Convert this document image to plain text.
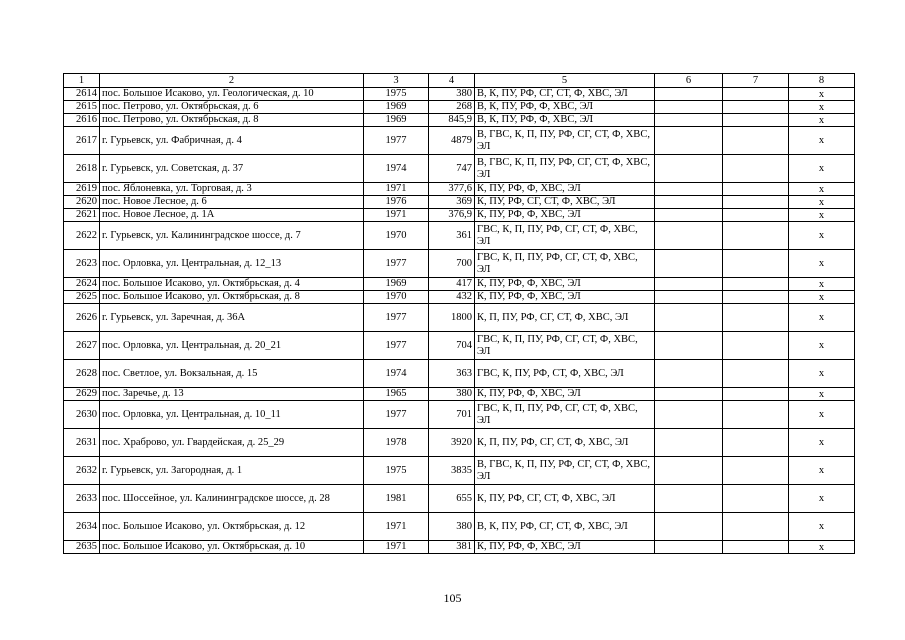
1	2	3	4	5	6	7	8
2614	пос. Большое Исаково, ул. Геологическая, д. 10	1975	380	В, К, ПУ, РФ, СГ, СТ, Ф, ХВС, ЭЛ			x
2615	пос. Петрово, ул. Октябрьская, д. 6	1969	268	В, К, ПУ, РФ, Ф, ХВС, ЭЛ			x
2616	пос. Петрово, ул. Октябрьская, д. 8	1969	845,9	В, К, ПУ, РФ, Ф, ХВС, ЭЛ			x
2617	г. Гурьевск, ул. Фабричная, д. 4	1977	4879	В, ГВС, К, П, ПУ, РФ, СГ, СТ, Ф, ХВС, ЭЛ			x
2618	г. Гурьевск, ул. Советская, д. 37	1974	747	В, ГВС, К, П, ПУ, РФ, СГ, СТ, Ф, ХВС, ЭЛ			x
2619	пос. Яблоневка, ул. Торговая, д. 3	1971	377,6	К, ПУ, РФ, Ф, ХВС, ЭЛ			x
2620	пос. Новое Лесное, д. 6	1976	369	К, ПУ, РФ, СГ, СТ, Ф, ХВС, ЭЛ			x
2621	пос. Новое Лесное, д. 1А	1971	376,9	К, ПУ, РФ, Ф, ХВС, ЭЛ			x
2622	г. Гурьевск, ул. Калининградское шоссе, д. 7	1970	361	ГВС, К, П, ПУ, РФ, СГ, СТ, Ф, ХВС, ЭЛ			x
2623	пос. Орловка, ул. Центральная, д. 12_13	1977	700	ГВС, К, П, ПУ, РФ, СГ, СТ, Ф, ХВС, ЭЛ			x
2624	пос. Большое Исаково, ул. Октябрьская, д. 4	1969	417	К, ПУ, РФ, Ф, ХВС, ЭЛ			x
2625	пос. Большое Исаково, ул. Октябрьская, д. 8	1970	432	К, ПУ, РФ, Ф, ХВС, ЭЛ			x
2626	г. Гурьевск, ул. Заречная, д. 36А	1977	1800	К, П, ПУ, РФ, СГ, СТ, Ф, ХВС, ЭЛ			x
2627	пос. Орловка, ул. Центральная, д. 20_21	1977	704	ГВС, К, П, ПУ, РФ, СГ, СТ, Ф, ХВС, ЭЛ			x
2628	пос. Светлое, ул. Вокзальная, д. 15	1974	363	ГВС, К, ПУ, РФ, СТ, Ф, ХВС, ЭЛ			x
2629	пос. Заречье, д. 13	1965	380	К, ПУ, РФ, Ф, ХВС, ЭЛ			x
2630	пос. Орловка, ул. Центральная, д. 10_11	1977	701	ГВС, К, П, ПУ, РФ, СГ, СТ, Ф, ХВС, ЭЛ			x
2631	пос. Храброво, ул. Гвардейская, д. 25_29	1978	3920	К, П, ПУ, РФ, СГ, СТ, Ф, ХВС, ЭЛ			x
2632	г. Гурьевск, ул. Загородная, д. 1	1975	3835	В, ГВС, К, П, ПУ, РФ, СГ, СТ, Ф, ХВС, ЭЛ			x
2633	пос. Шоссейное, ул. Калининградское шоссе, д. 28	1981	655	К, ПУ, РФ, СГ, СТ, Ф, ХВС, ЭЛ			x
2634	пос. Большое Исаково, ул. Октябрьская, д. 12	1971	380	В, К, ПУ, РФ, СГ, СТ, Ф, ХВС, ЭЛ			x
2635	пос. Большое Исаково, ул. Октябрьская, д. 10	1971	381	К, ПУ, РФ, Ф, ХВС, ЭЛ			x
105
